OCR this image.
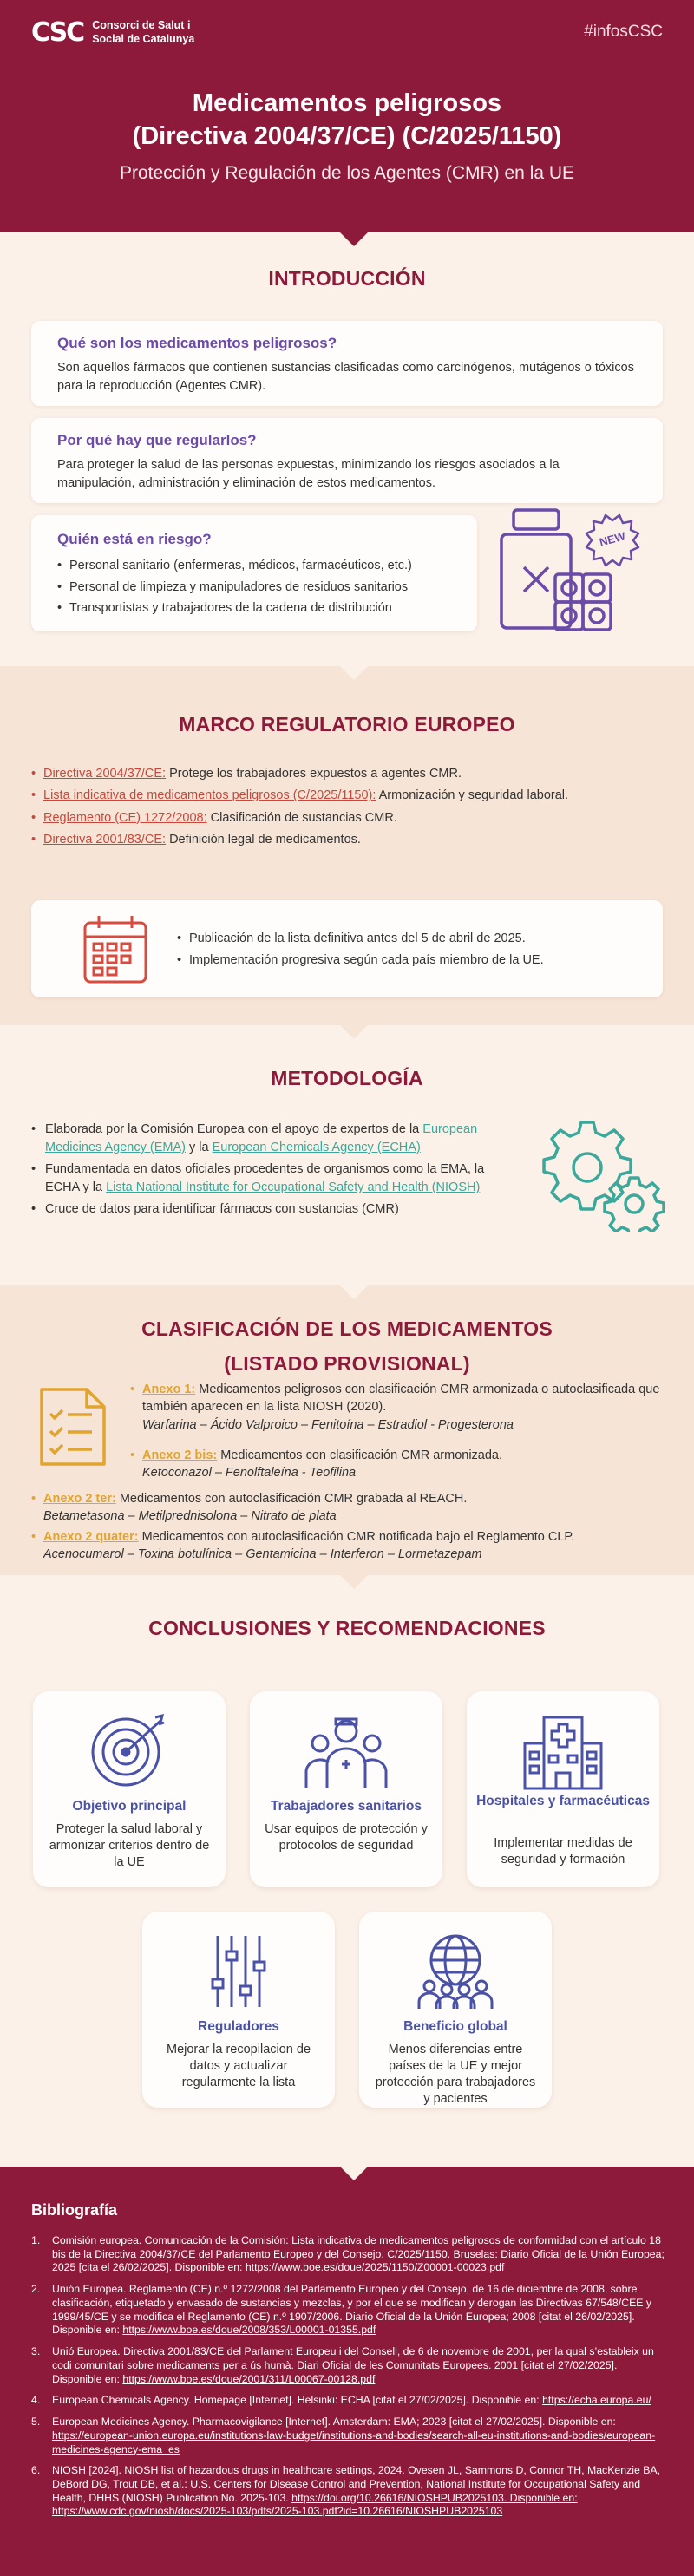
CSC Consorci de Salut i
Social de Catalunya	#infosCSC
Medicamentos peligrosos
(Directiva 2004/37/CE) (C/2025/1150)
Protección y Regulación de los Agentes (CMR) en la UE
INTRODUCCIÓN
Qué son los medicamentos peligrosos?

Son aquellos fármacos que contienen sustancias clasificadas como carcinógenos, mutágenos o tóxicos para la reproducción (Agentes CMR).

Por qué hay que regularlos?

Para proteger la salud de las personas expuestas, minimizando los riesgos asociados a la manipulación, administración y eliminación de estos medicamentos.

Quién está en riesgo?
• Personal sanitario (enfermeras, médicos, farmacéuticos, etc.)
• Personal de limpieza y manipuladores de residuos sanitarios
• Transportistas y trabajadores de la cadena de distribución
NEW
MARCO REGULATORIO EUROPEO
• Directiva 2004/37/CE: Protege los trabajadores expuestos a agentes CMR.
• Lista indicativa de medicamentos peligrosos (C/2025/1150): Armonización y seguridad laboral.
• Reglamento (CE) 1272/2008: Clasificación de sustancias CMR.
• Directiva 2001/83/CE: Definición legal de medicamentos.
• Publicación de la lista definitiva antes del 5 de abril de 2025.
• Implementación progresiva según cada país miembro de la UE.
METODOLOGÍA
• Elaborada por la Comisión Europea con el apoyo de expertos de la European Medicines Agency (EMA) y la European Chemicals Agency (ECHA)
• Fundamentada en datos oficiales procedentes de organismos como la EMA, la ECHA y la Lista National Institute for Occupational Safety and Health (NIOSH)
• Cruce de datos para identificar fármacos con sustancias (CMR)
CLASIFICACIÓN DE LOS MEDICAMENTOS
(LISTADO PROVISIONAL)
• Anexo 1: Medicamentos peligrosos con clasificación CMR armonizada o autoclasificada que también aparecen en la lista NIOSH (2020).
Warfarina – Ácido Valproico – Fenitoína – Estradiol - Progesterona
• Anexo 2 bis: Medicamentos con clasificación CMR armonizada.
Ketoconazol – Fenolftaleína - Teofilina
• Anexo 2 ter: Medicamentos con autoclasificación CMR grabada al REACH.
Betametasona – Metilprednisolona – Nitrato de plata
• Anexo 2 quater: Medicamentos con autoclasificación CMR notificada bajo el Reglamento CLP.
Acenocumarol – Toxina botulínica – Gentamicina – Interferon – Lormetazepam
CONCLUSIONES Y RECOMENDACIONES
Objetivo principal

Proteger la salud laboral y armonizar criterios dentro de la UE

Trabajadores sanitarios

Usar equipos de protección y protocolos de seguridad

Hospitales y farmacéuticas

Implementar medidas de seguridad y formación

Reguladores

Mejorar la recopilacion de datos y actualizar regularmente la lista

Beneficio global

Menos diferencias entre países de la UE y mejor protección para trabajadores y pacientes

Bibliografía
1. Comisión europea. Comunicación de la Comisión: Lista indicativa de medicamentos peligrosos de conformidad con el artículo 18 bis de la Directiva 2004/37/CE del Parlamento Europeo y del Consejo. C/2025/1150. Bruselas: Diario Oficial de la Unión Europea; 2025 [cita el 26/02/2025]. Disponible en: https://www.boe.es/doue/2025/1150/Z00001-00023.pdf
2. Unión Europea. Reglamento (CE) n.º 1272/2008 del Parlamento Europeo y del Consejo, de 16 de diciembre de 2008, sobre clasificación, etiquetado y envasado de sustancias y mezclas, y por el que se modifican y derogan las Directivas 67/548/CEE y 1999/45/CE y se modifica el Reglamento (CE) n.º 1907/2006. Diario Oficial de la Unión Europea; 2008 [citat el 26/02/2025]. Disponible en: https://www.boe.es/doue/2008/353/L00001-01355.pdf
3. Unió Europea. Directiva 2001/83/CE del Parlament Europeu i del Consell, de 6 de novembre de 2001, per la qual s’estableix un codi comunitari sobre medicaments per a ús humà. Diari Oficial de les Comunitats Europees. 2001 [citat el 27/02/2025]. Disponible en: https://www.boe.es/doue/2001/311/L00067-00128.pdf
4. European Chemicals Agency. Homepage [Internet]. Helsinki: ECHA [citat el 27/02/2025]. Disponible en: https://echa.europa.eu/
5. European Medicines Agency. Pharmacovigilance [Internet]. Amsterdam: EMA; 2023 [citat el 27/02/2025]. Disponible en: https://european-union.europa.eu/institutions-law-budget/institutions-and-bodies/search-all-eu-institutions-and-bodies/european-medicines-agency-ema_es
6. NIOSH [2024]. NIOSH list of hazardous drugs in healthcare settings, 2024. Ovesen JL, Sammons D, Connor TH, MacKenzie BA, DeBord DG, Trout DB, et al.: U.S. Centers for Disease Control and Prevention, National Institute for Occupational Safety and Health, DHHS (NIOSH) Publication No. 2025-103. https://doi.org/10.26616/NIOSHPUB2025103. Disponible en: https://www.cdc.gov/niosh/docs/2025-103/pdfs/2025-103.pdf?id=10.26616/NIOSHPUB2025103
